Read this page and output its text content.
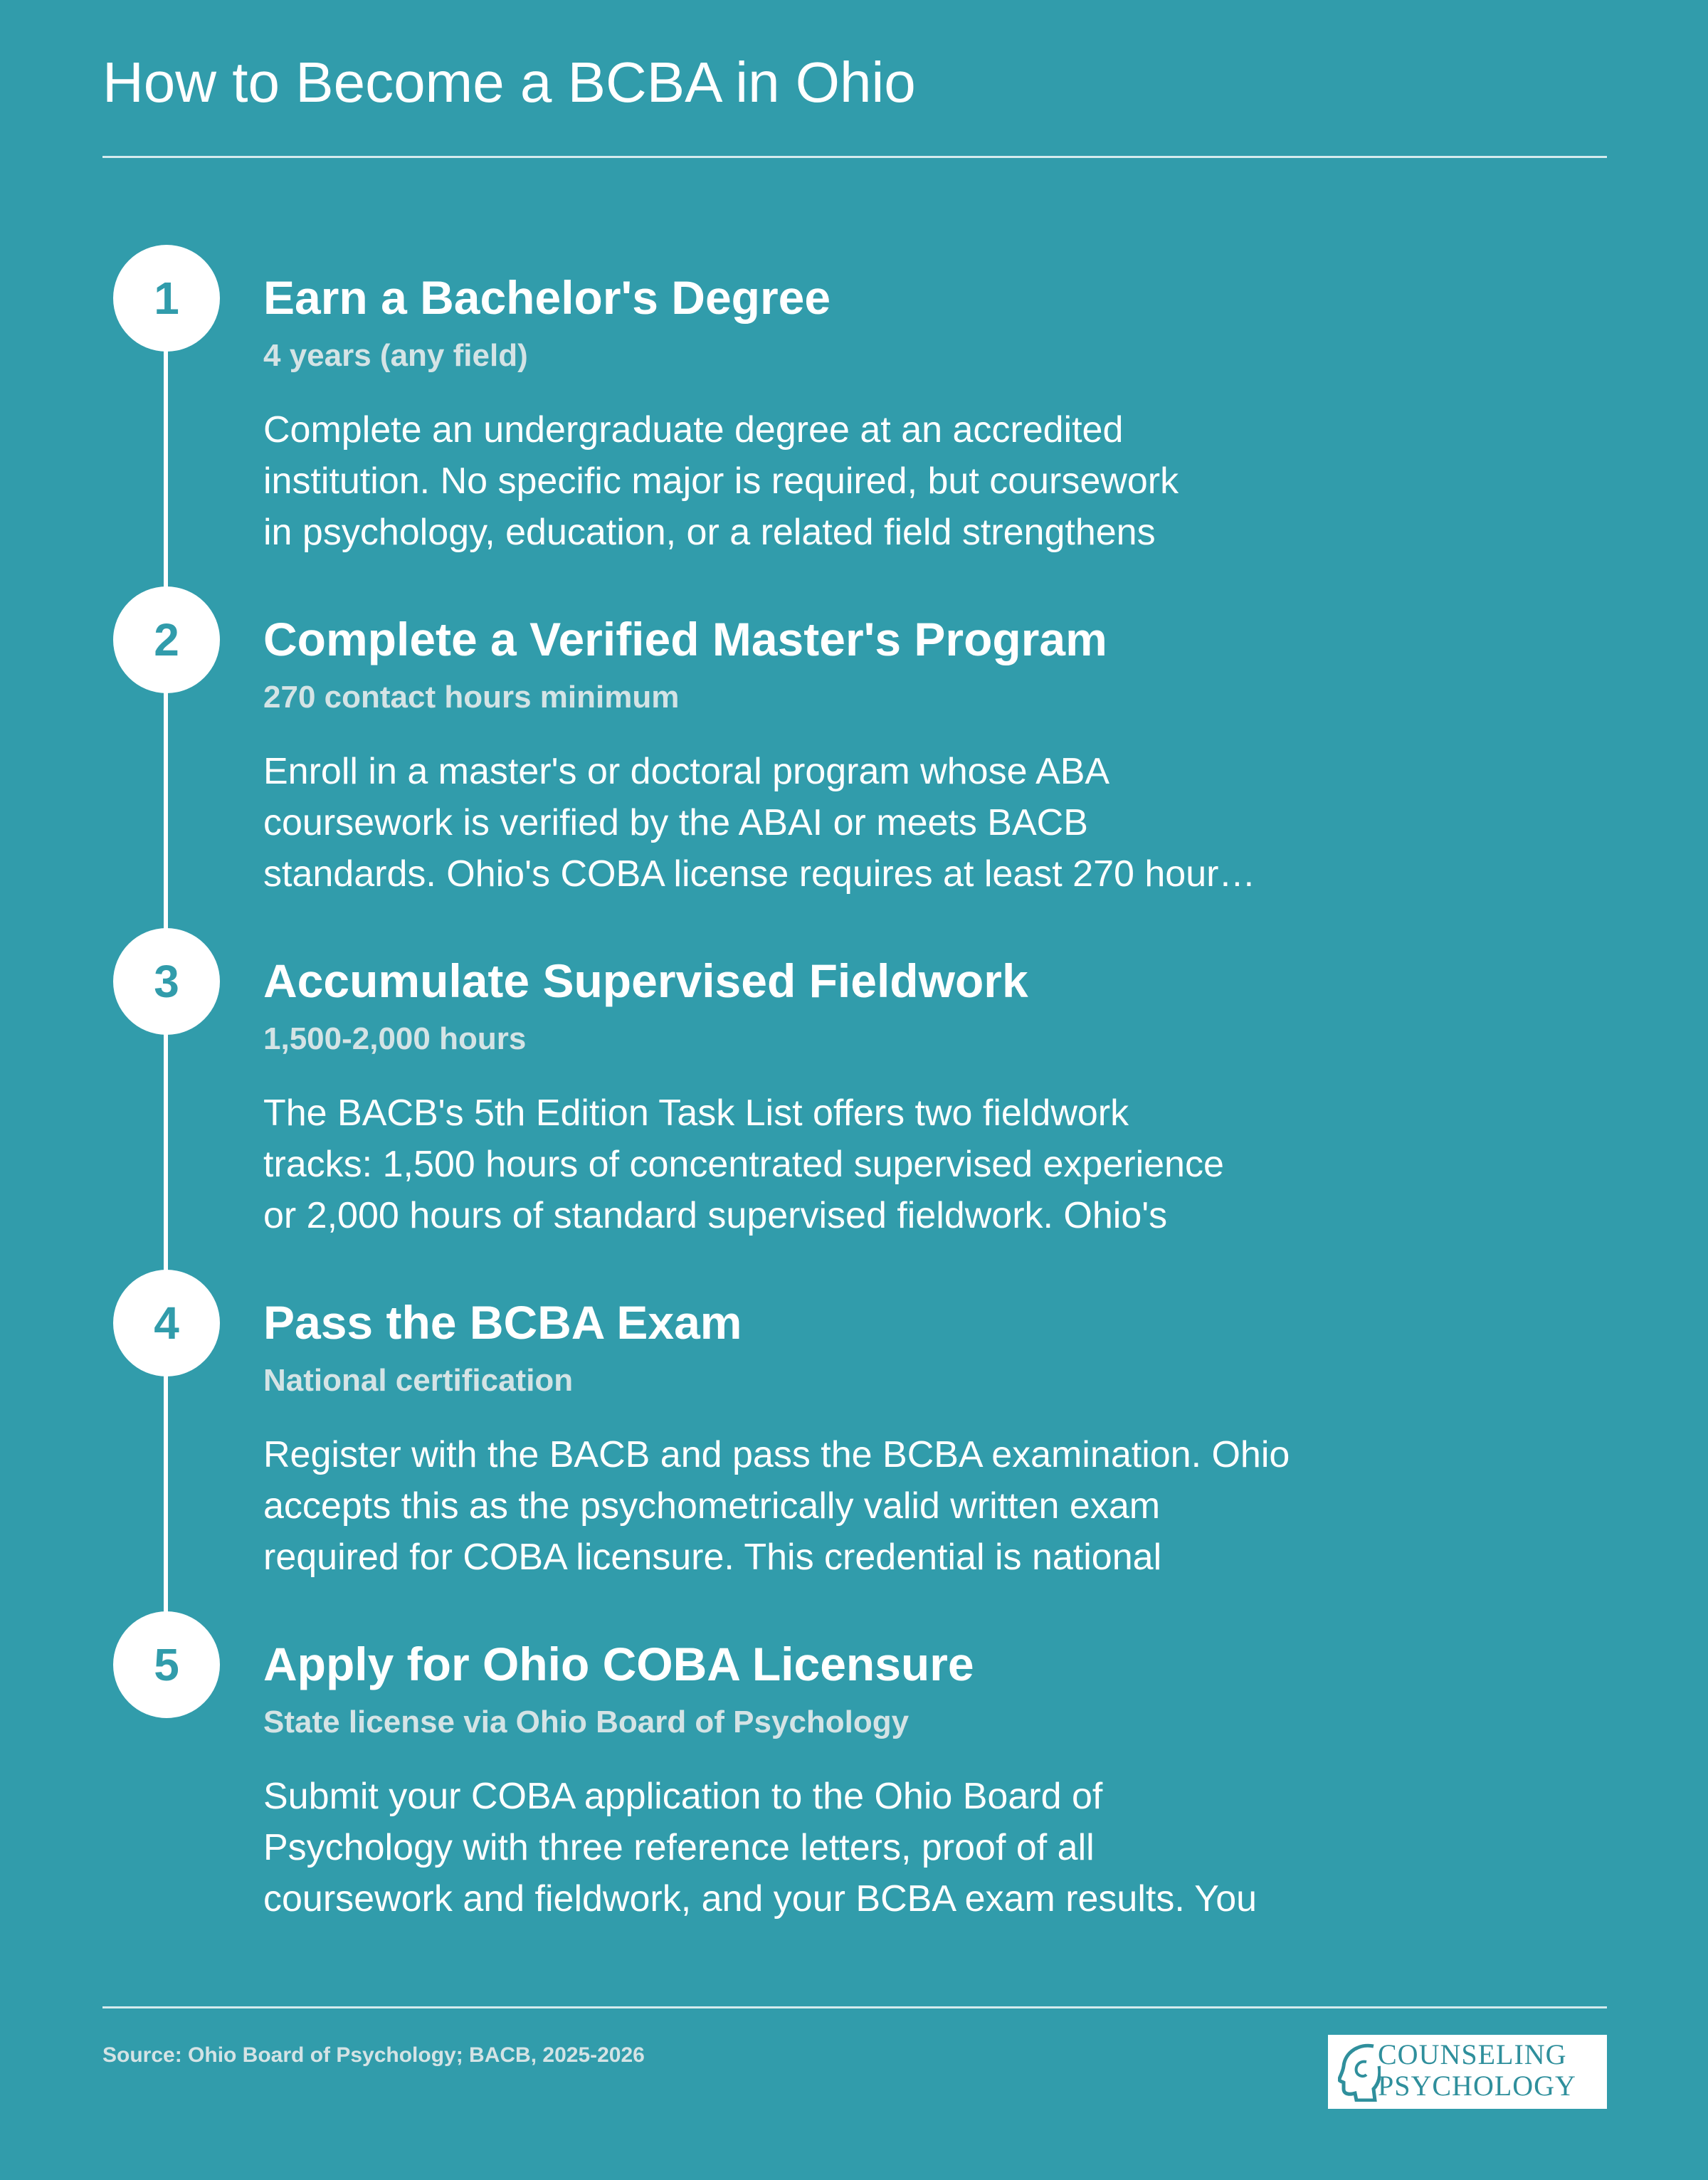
How to Become a BCBA in Ohio
1	Earn a Bachelor's Degree
4 years (any field)
Complete an undergraduate degree at an accredited
institution. No specific major is required, but coursework
in psychology, education, or a related field strengthens
2	Complete a Verified Master's Program
270 contact hours minimum
Enroll in a master's or doctoral program whose ABA
coursework is verified by the ABAI or meets BACB
standards. Ohio's COBA license requires at least 270 hour…
3	Accumulate Supervised Fieldwork
1,500-2,000 hours
The BACB's 5th Edition Task List offers two fieldwork
tracks: 1,500 hours of concentrated supervised experience
or 2,000 hours of standard supervised fieldwork. Ohio's
4	Pass the BCBA Exam
National certification
Register with the BACB and pass the BCBA examination. Ohio
accepts this as the psychometrically valid written exam
required for COBA licensure. This credential is national
5	Apply for Ohio COBA Licensure
State license via Ohio Board of Psychology
Submit your COBA application to the Ohio Board of
Psychology with three reference letters, proof of all
coursework and fieldwork, and your BCBA exam results. You
Source: Ohio Board of Psychology; BACB, 2025-2026	COUNSELING
PSYCHOLOGY
